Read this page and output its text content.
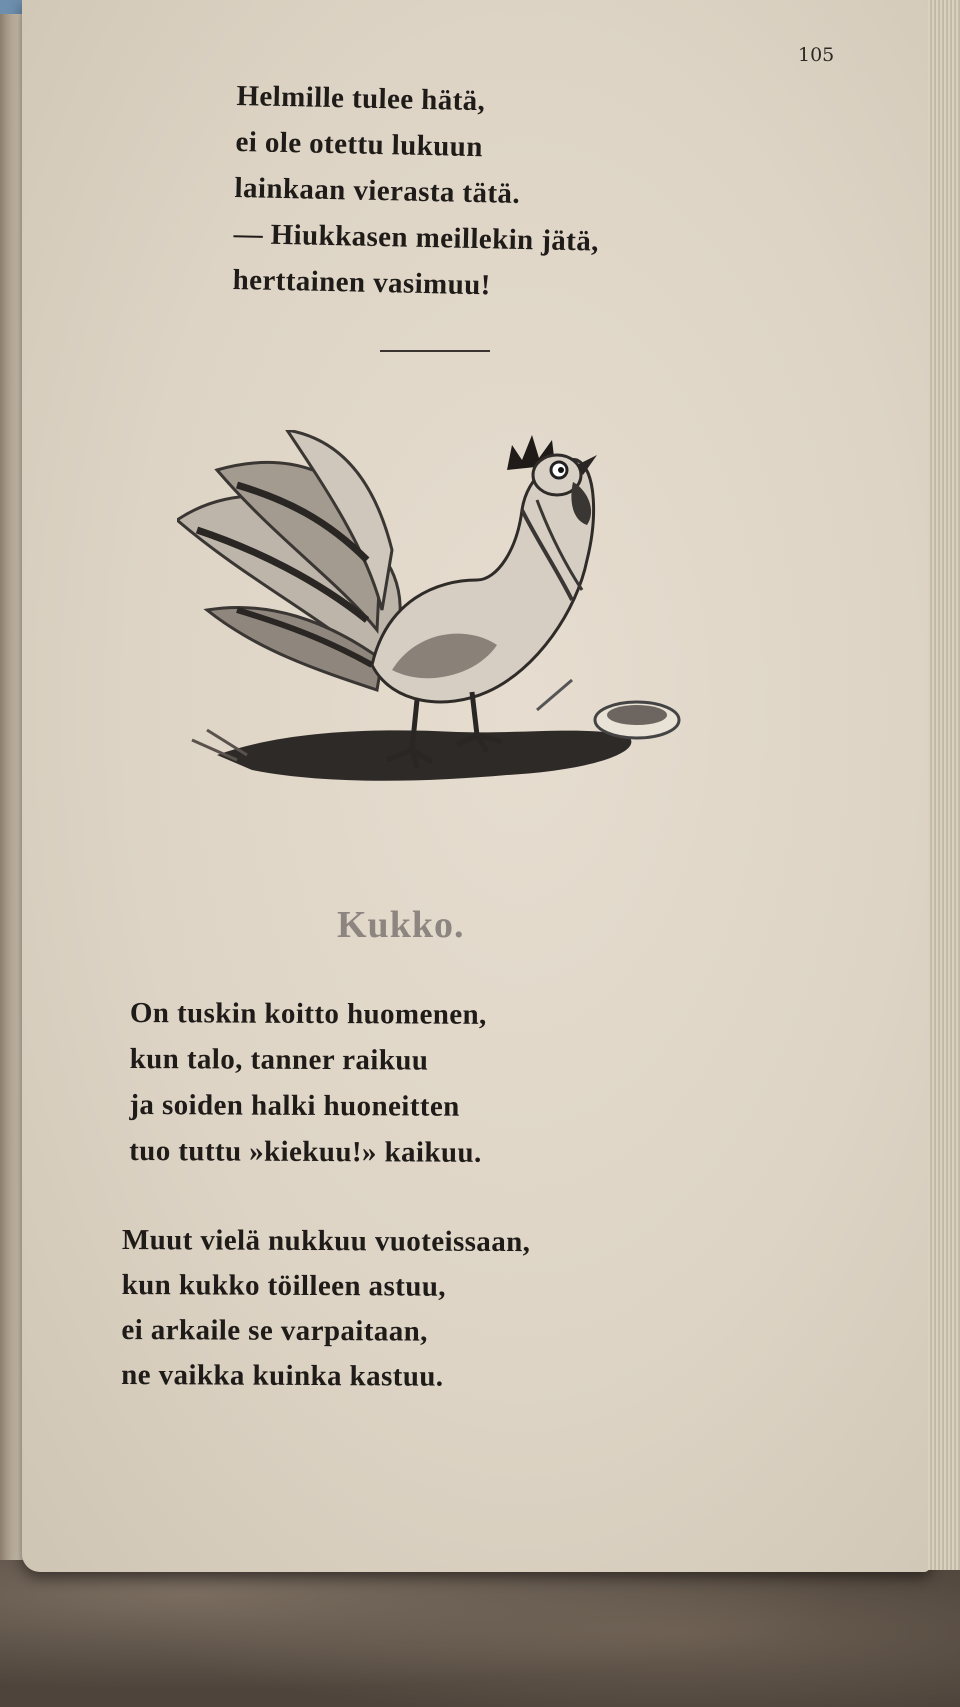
105
Helmille tulee hätä,
ei ole otettu lukuun
lainkaan vierasta tätä.
— Hiukkasen meillekin jätä,
herttainen vasimuu!
Kukko.
On tuskin koitto huomenen,
kun talo, tanner raikuu
ja soiden halki huoneitten
tuo tuttu »kiekuu!» kaikuu.
Muut vielä nukkuu vuoteissaan,
kun kukko töilleen astuu,
ei arkaile se varpaitaan,
ne vaikka kuinka kastuu.
